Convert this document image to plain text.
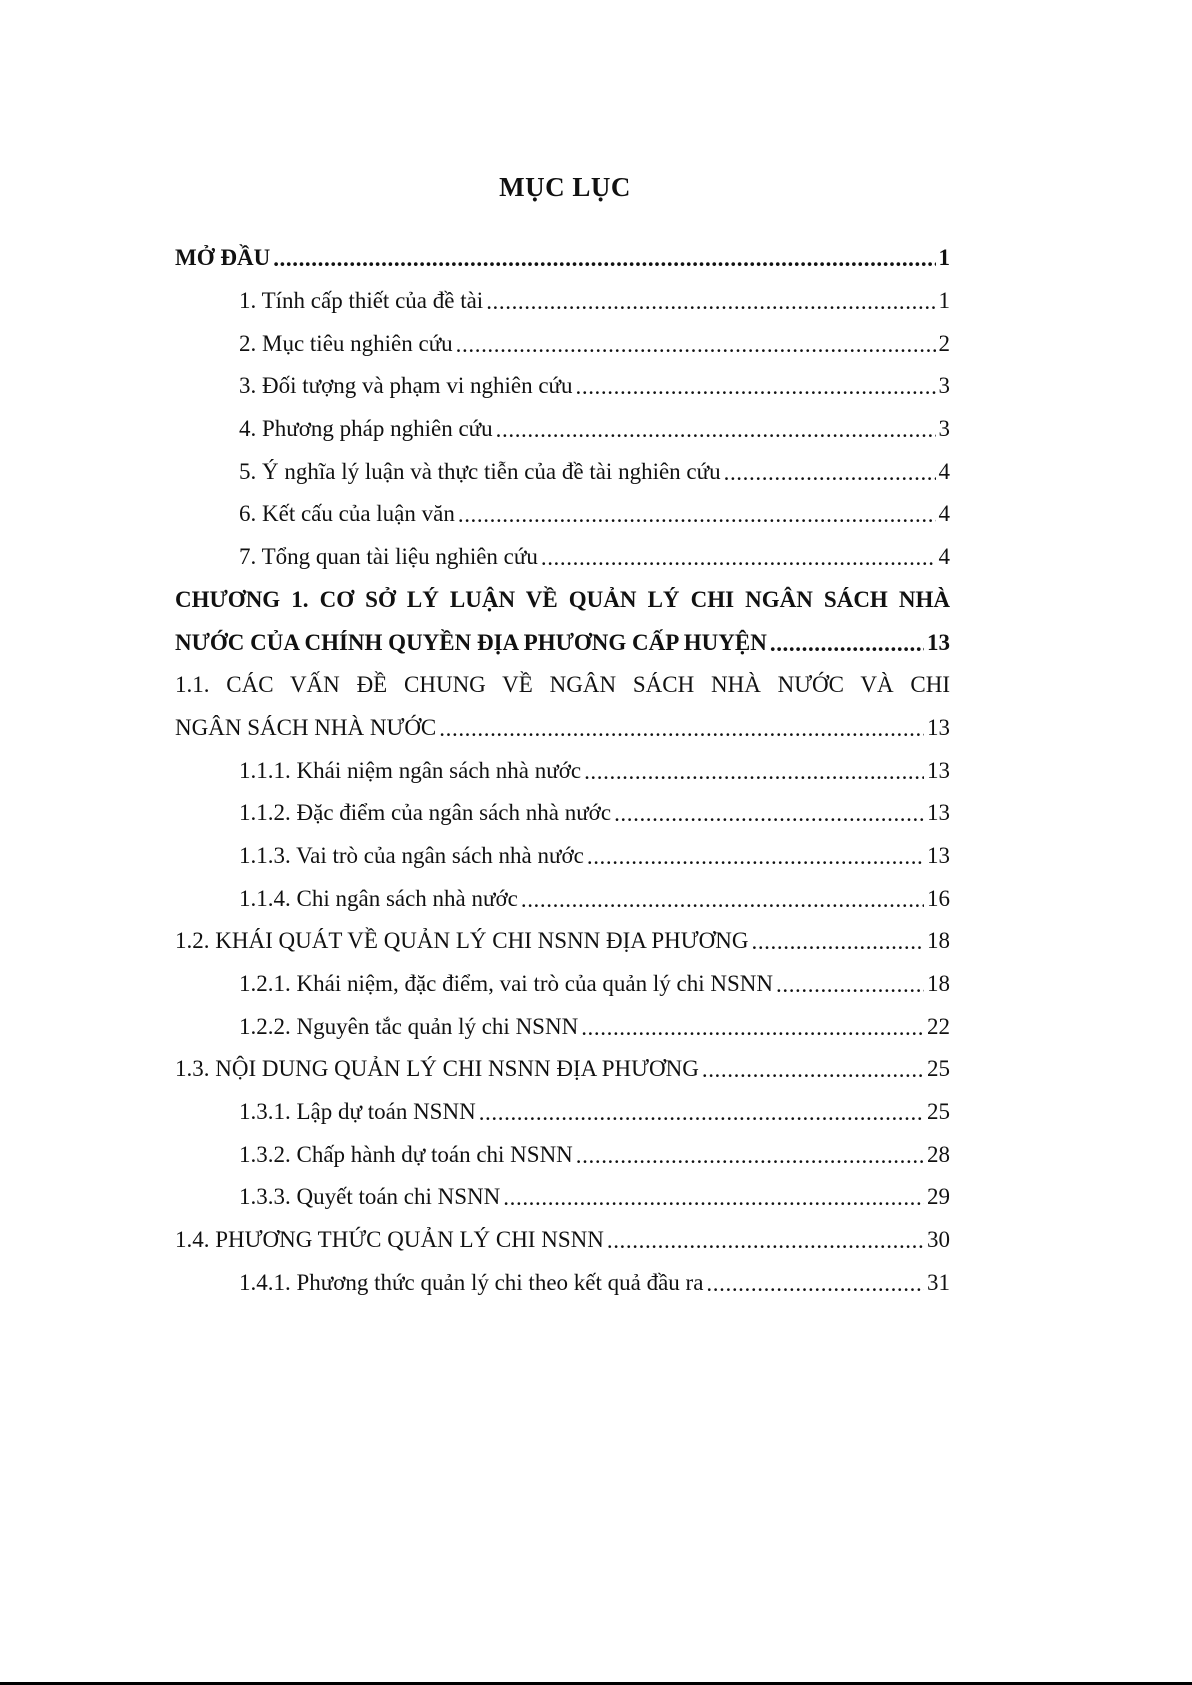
MỤC LỤC
MỞ ĐẦU .....	1
1. Tính cấp thiết của đề tài .....	1
2. Mục tiêu nghiên cứu .....	2
3. Đối tượng và phạm vi nghiên cứu .....	3
4. Phương pháp nghiên cứu .....	3
5. Ý nghĩa lý luận và thực tiễn của đề tài nghiên cứu .....	4
6. Kết cấu của luận văn .....	4
7. Tổng quan tài liệu nghiên cứu .....	4
CHƯƠNG 1. CƠ SỞ LÝ LUẬN VỀ QUẢN LÝ CHI NGÂN SÁCH NHÀ
NƯỚC CỦA CHÍNH QUYỀN ĐỊA PHƯƠNG CẤP HUYỆN .....	13
1.1. CÁC VẤN ĐỀ CHUNG VỀ NGÂN SÁCH NHÀ NƯỚC VÀ CHI
NGÂN SÁCH NHÀ NƯỚC .....	13
1.1.1. Khái niệm ngân sách nhà nước .....	13
1.1.2. Đặc điểm của ngân sách nhà nước .....	13
1.1.3. Vai trò của ngân sách nhà nước .....	13
1.1.4. Chi ngân sách nhà nước .....	16
1.2. KHÁI QUÁT VỀ QUẢN LÝ CHI NSNN ĐỊA PHƯƠNG .....	18
1.2.1. Khái niệm, đặc điểm, vai trò của quản lý chi NSNN .....	18
1.2.2. Nguyên tắc quản lý chi NSNN .....	22
1.3. NỘI DUNG QUẢN LÝ CHI NSNN ĐỊA PHƯƠNG .....	25
1.3.1. Lập dự toán NSNN .....	25
1.3.2. Chấp hành dự toán chi NSNN .....	28
1.3.3. Quyết toán chi NSNN .....	29
1.4. PHƯƠNG THỨC QUẢN LÝ CHI NSNN .....	30
1.4.1. Phương thức quản lý chi theo kết quả đầu ra .....	31
